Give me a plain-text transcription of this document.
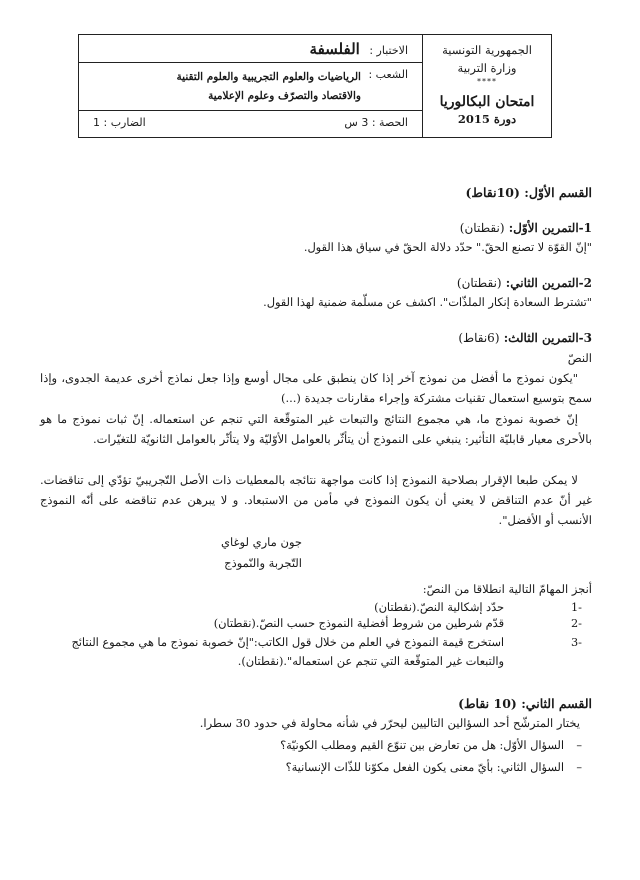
الجمهورية التونسية
وزارة التربية
****
امتحان البكالوريا
دورة 2015
الاختبار : الفلسفة
الشعب : الرياضيات والعلوم التجريبية والعلوم التقنية
والاقتصاد والتصرّف وعلوم الإعلامية
الحصة : 3 س
الضارب : 1
القسم الأوّل: (10نقاط)
1-التمرين الأوّل: (نقطتان)
"إنّ القوّة لا تصنع الحقّ." حدّد دلالة الحقّ في سياق هذا القول.
2-التمرين الثاني: (نقطتان)
"تشترط السعادة إنكار الملذّات". اكشف عن مسلّمة ضمنية لهذا القول.
3-التمرين الثالث: (6نقاط)
النصّ
"يكون نموذج ما أفضل من نموذج آخر إذا كان ينطبق على مجال أوسع وإذا جعل نماذج أخرى عديمة الجدوى، وإذا سمح بتوسيع استعمال تقنيات مشتركة وإجراء مقارنات جديدة (...)
إنّ خصوبة نموذج ما، هي مجموع النتائج والتبعات غير المتوقّعة التي تنجم عن استعماله. إنّ ثبات نموذج ما هو بالأحرى معيار قابليّة التأثير: ينبغي على النموذج أن يتأثّر بالعوامل الأوّليّة ولا يتأثّر بالعوامل الثانويّة للتغيّرات.
لا يمكن طبعا الإقرار بصلاحية النموذج إذا كانت مواجهة نتائجه بالمعطيات ذات الأصل التّجريبيّ تؤدّي إلى تناقضات. غير أنّ عدم التناقض لا يعني أن يكون النموذج في مأمن من الاستبعاد. و لا يبرهن عدم تناقضه على أنّه النموذج الأنسب أو الأفضل".
جون ماري لوغاي
التّجربة والنّموذج
أنجز المهامّ التالية انطلاقا من النصّ:
-1
حدّد إشكالية النصّ.(نقطتان)
-2
قدّم شرطين من شروط أفضلية النموذج حسب النصّ.(نقطتان)
-3
استخرج قيمة النموذج في العلم من خلال قول الكاتب:"إنّ خصوبة نموذج ما هي مجموع النتائج والتبعات غير المتوقّعة التي تنجم عن استعماله".(نقطتان).
القسم الثاني: (10 نقاط)
يختار المترشّح أحد السؤالين التاليين ليحرّر في شأنه محاولة في حدود 30 سطرا.
–السؤال الأوّل: هل من تعارض بين تنوّع القيم ومطلب الكونيّة؟
–السؤال الثاني: بأيّ معنى يكون الفعل مكوّنا للذّات الإنسانية؟
